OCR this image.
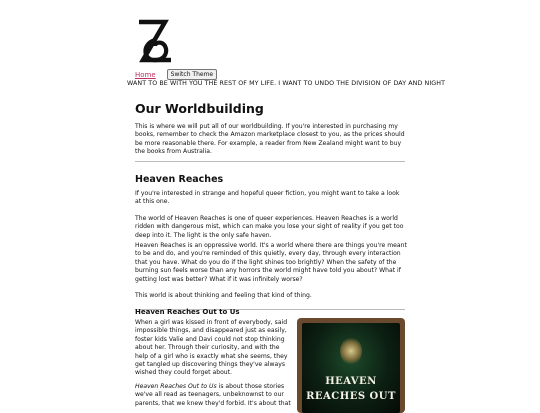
Home	Switch Theme
WANT TO BE WITH YOU THE REST OF MY LIFE. I WANT TO UNDO THE DIVISION OF DAY AND NIGHT
Our Worldbuilding

This is where we will put all of our worldbuilding. If you're interested in purchasing my books, remember to check the Amazon marketplace closest to you, as the prices should be more reasonable there. For example, a reader from New Zealand might want to buy the books from Australia.

Heaven Reaches

If you're interested in strange and hopeful queer fiction, you might want to take a look at this one.

The world of Heaven Reaches is one of queer experiences. Heaven Reaches is a world ridden with dangerous mist, which can make you lose your sight of reality if you get too deep into it. The light is the only safe haven.

Heaven Reaches is an oppressive world. It's a world where there are things you're meant to be and do, and you're reminded of this quietly, every day, through every interaction that you have. What do you do if the light shines too brightly? When the safety of the burning sun feels worse than any horrors the world might have told you about? What if getting lost was better? What if it was infinitely worse?

This world is about thinking and feeling that kind of thing.

Heaven Reaches Out to Us

When a girl was kissed in front of everybody, said impossible things, and disappeared just as easily, foster kids Valie and Davi could not stop thinking about her. Through their curiosity, and with the help of a girl who is exactly what she seems, they get tangled up discovering things they've always wished they could forget about.

Heaven Reaches Out to Us is about those stories we've all read as teenagers, unbeknownst to our parents, that we knew they'd forbid. It's about that

HEAVEN
REACHES OUT
